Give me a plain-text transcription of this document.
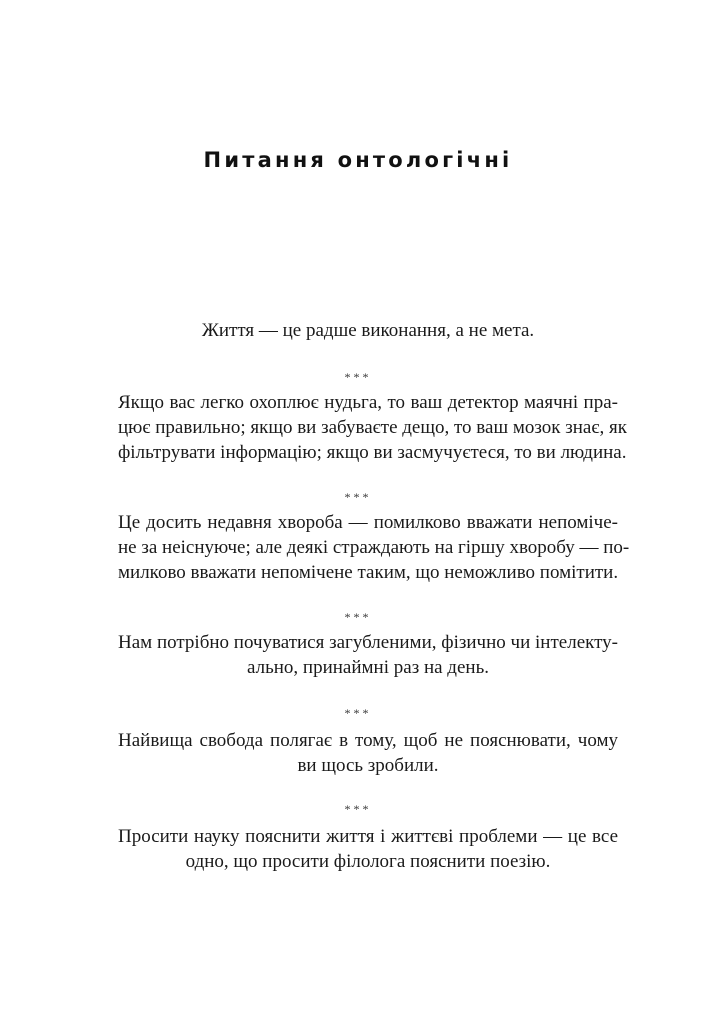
Питання онтологічні
Життя — це радше виконання, а не мета.
***
Якщо вас легко охоплює нудьга, то ваш детектор маячні пра-
цює правильно; якщо ви забуваєте дещо, то ваш мозок знає, як
фільтрувати інформацію; якщо ви засмучуєтеся, то ви людина.
***
Це досить недавня хвороба — помилково вважати непоміче-
не за неіснуюче; але деякі страждають на гіршу хворобу — по-
милково вважати непомічене таким, що неможливо помітити.
***
Нам потрібно почуватися загубленими, фізично чи інтелекту-
ально, принаймні раз на день.
***
Найвища свобода полягає в тому, щоб не пояснювати, чому
ви щось зробили.
***
Просити науку пояснити життя і життєві проблеми — це все
одно, що просити філолога пояснити поезію.
